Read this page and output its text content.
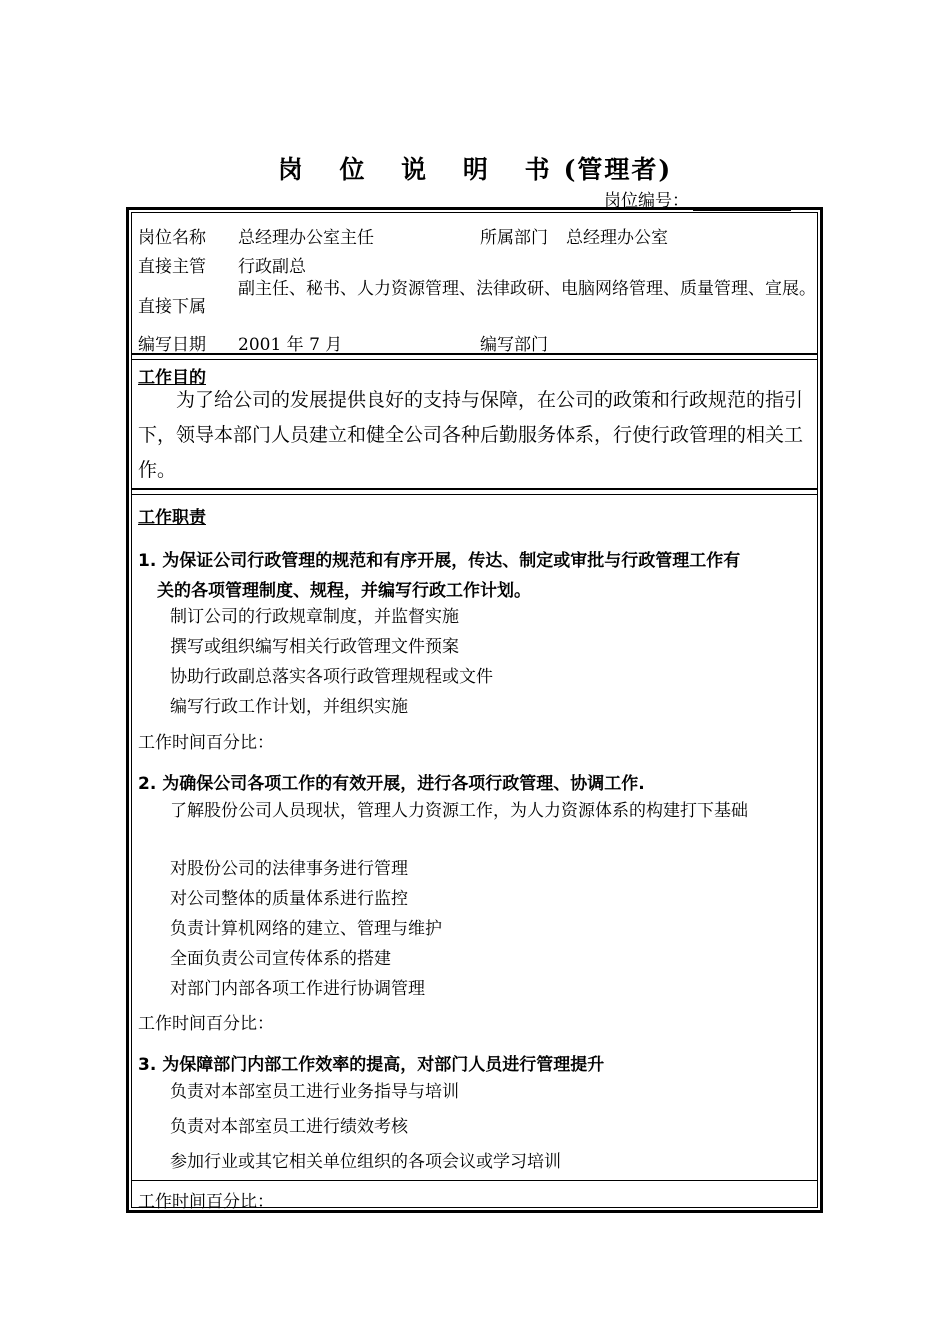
岗 位 说 明 书(管理者)
岗位编号：
岗位名称 总经理办公室主任	所属部门 总经理办公室
直接主管 行政副总
直接下属
副主任、秘书、人力资源管理、法律政研、电脑网络管理、质量管理、宣展。
编写日期 2001 年 7 月	编写部门
工作目的
为了给公司的发展提供良好的支持与保障，在公司的政策和行政规范的指引下，领导本部门人员建立和健全公司各种后勤服务体系，行使行政管理的相关工作。
工作职责
1. 为保证公司行政管理的规范和有序开展，传达、制定或审批与行政管理工作有
关的各项管理制度、规程，并编写行政工作计划。
制订公司的行政规章制度，并监督实施
撰写或组织编写相关行政管理文件预案
协助行政副总落实各项行政管理规程或文件
编写行政工作计划，并组织实施
工作时间百分比：
2. 为确保公司各项工作的有效开展，进行各项行政管理、协调工作.
了解股份公司人员现状，管理人力资源工作，为人力资源体系的构建打下基础
对股份公司的法律事务进行管理
对公司整体的质量体系进行监控
负责计算机网络的建立、管理与维护
全面负责公司宣传体系的搭建
对部门内部各项工作进行协调管理
工作时间百分比：
3. 为保障部门内部工作效率的提高，对部门人员进行管理提升
负责对本部室员工进行业务指导与培训
负责对本部室员工进行绩效考核
参加行业或其它相关单位组织的各项会议或学习培训
工作时间百分比：
